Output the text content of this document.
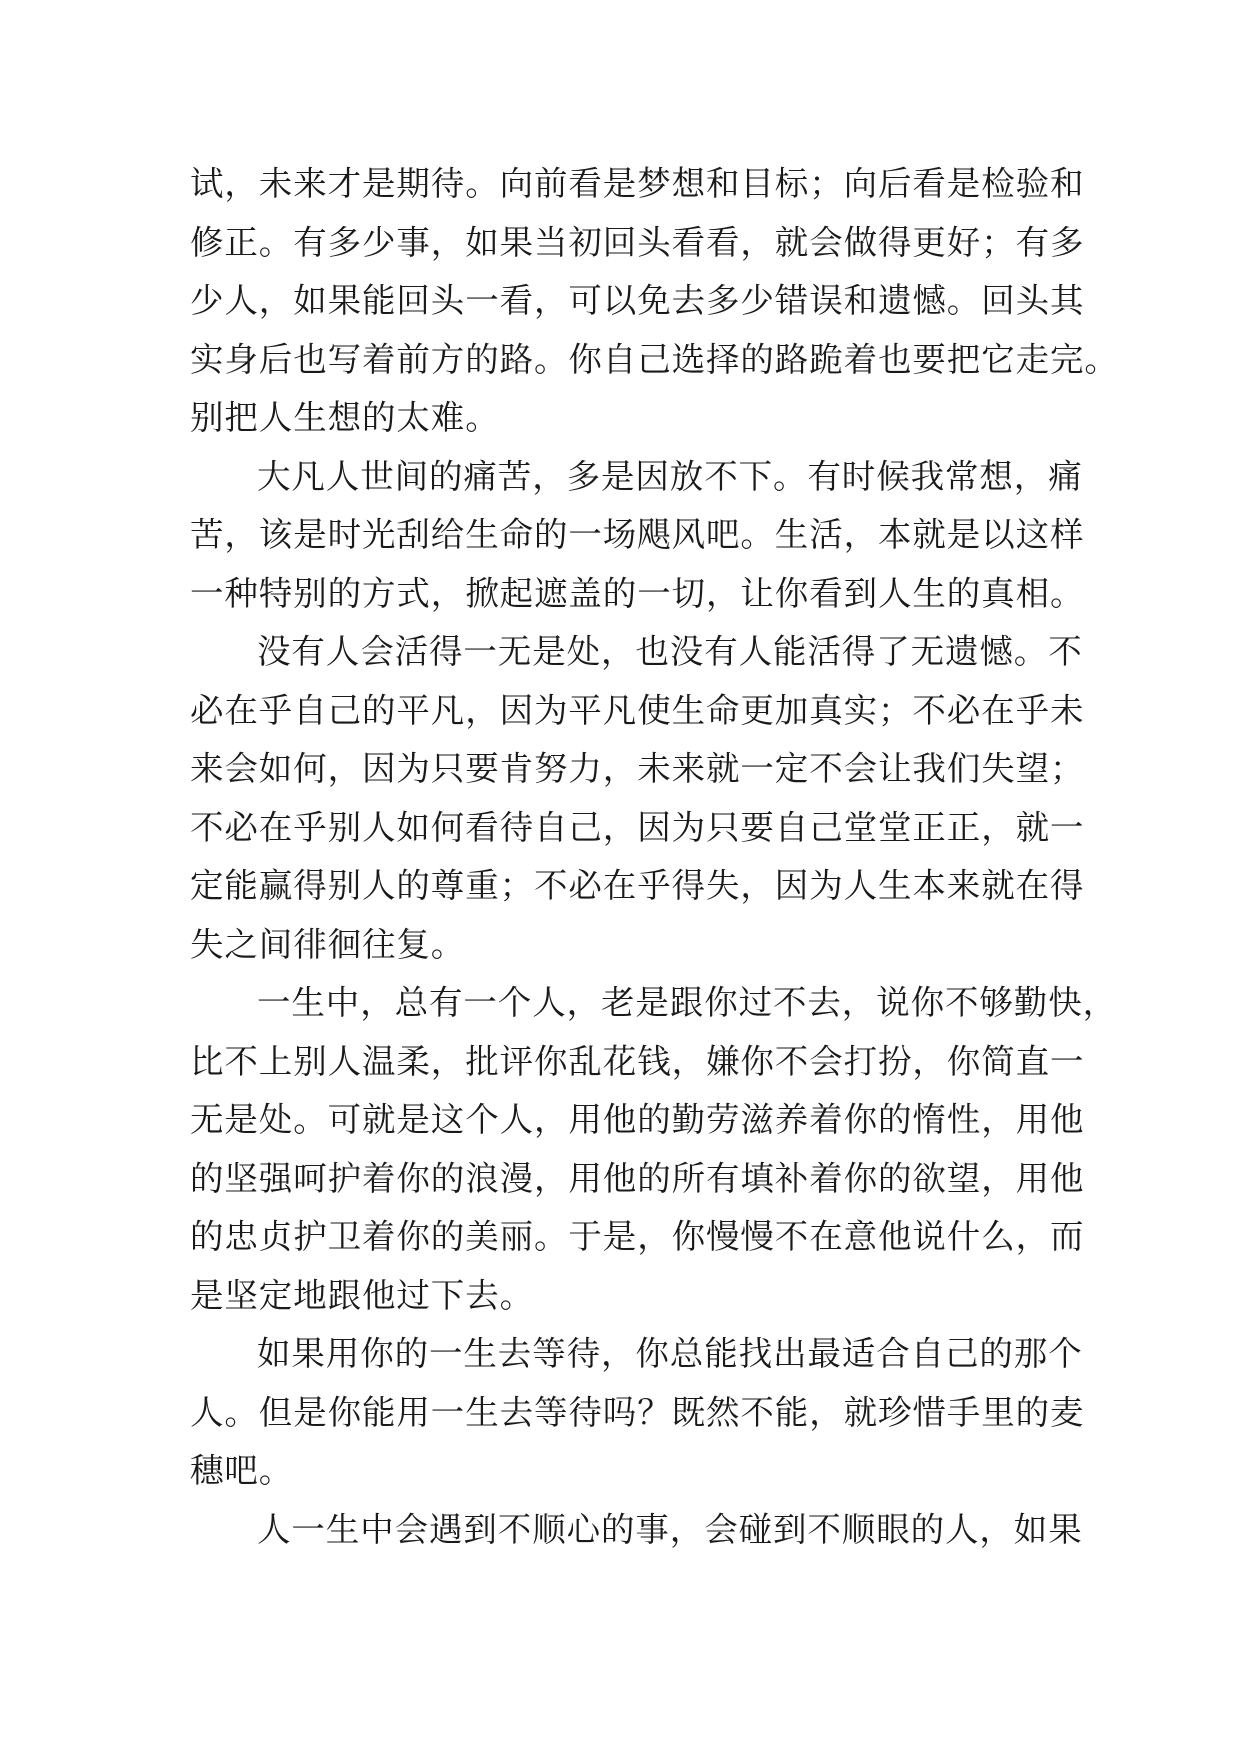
试，未来才是期待。向前看是梦想和目标；向后看是检验和
修正。有多少事，如果当初回头看看，就会做得更好；有多
少人，如果能回头一看，可以免去多少错误和遗憾。回头其
实身后也写着前方的路。你自己选择的路跪着也要把它走完。
别把人生想的太难。
大凡人世间的痛苦，多是因放不下。有时候我常想，痛
苦，该是时光刮给生命的一场飓风吧。生活，本就是以这样
一种特别的方式，掀起遮盖的一切，让你看到人生的真相。
没有人会活得一无是处，也没有人能活得了无遗憾。不
必在乎自己的平凡，因为平凡使生命更加真实；不必在乎未
来会如何，因为只要肯努力，未来就一定不会让我们失望；
不必在乎别人如何看待自己，因为只要自己堂堂正正，就一
定能赢得别人的尊重；不必在乎得失，因为人生本来就在得
失之间徘徊往复。
一生中，总有一个人，老是跟你过不去，说你不够勤快，
比不上别人温柔，批评你乱花钱，嫌你不会打扮，你简直一
无是处。可就是这个人，用他的勤劳滋养着你的惰性，用他
的坚强呵护着你的浪漫，用他的所有填补着你的欲望，用他
的忠贞护卫着你的美丽。于是，你慢慢不在意他说什么，而
是坚定地跟他过下去。
如果用你的一生去等待，你总能找出最适合自己的那个
人。但是你能用一生去等待吗？既然不能，就珍惜手里的麦
穗吧。
人一生中会遇到不顺心的事，会碰到不顺眼的人，如果
